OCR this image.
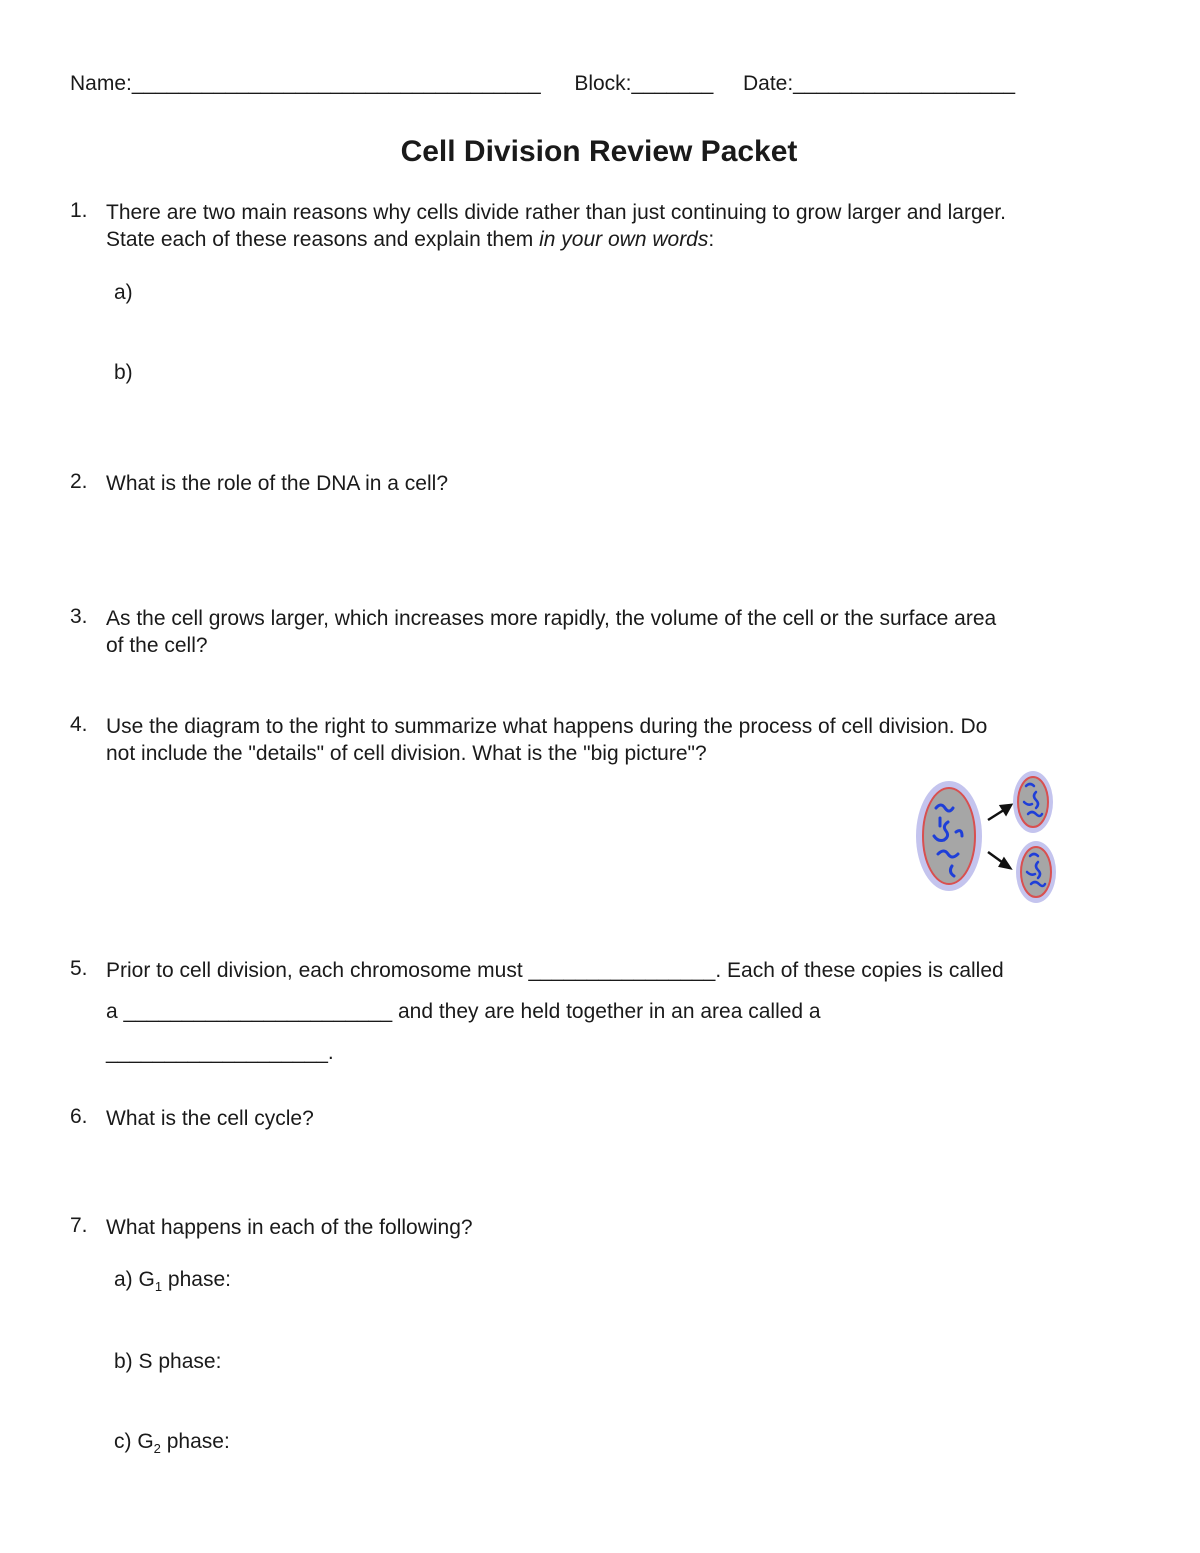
Name:___________________________________ Block:_______ Date:___________________
Cell Division Review Packet
1. There are two main reasons why cells divide rather than just continuing to grow larger and larger.
State each of these reasons and explain them in your own words:
a)
b)
2. What is the role of the DNA in a cell?
3. As the cell grows larger, which increases more rapidly, the volume of the cell or the surface area
of the cell?
4. Use the diagram to the right to summarize what happens during the process of cell division. Do
not include the "details" of cell division. What is the "big picture"?
5. Prior to cell division, each chromosome must ________________. Each of these copies is called
a _______________________ and they are held together in an area called a
___________________.
6. What is the cell cycle?
7. What happens in each of the following?
a) $G_1$ phase:
b) S phase:
c) $G_2$ phase:
